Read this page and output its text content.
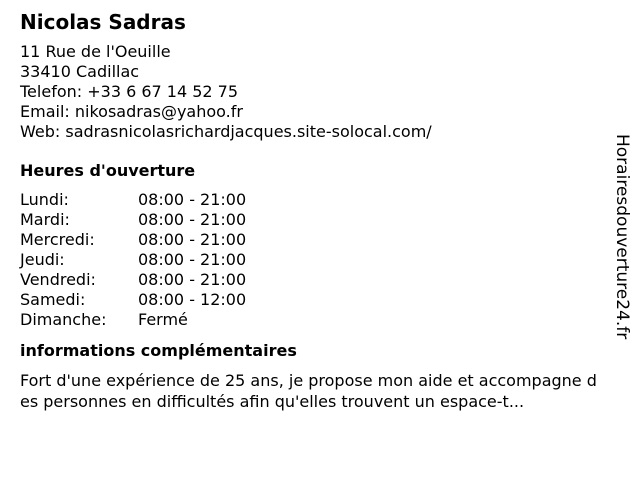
Nicolas Sadras
11 Rue de l'Oeuille
33410 Cadillac
Telefon: +33 6 67 14 52 75
Email: nikosadras@yahoo.fr
Web: sadrasnicolasrichardjacques.site-solocal.com/
Heures d'ouverture
Lundi:	08:00 - 21:00
Mardi:	08:00 - 21:00
Mercredi:	08:00 - 21:00
Jeudi:	08:00 - 21:00
Vendredi:	08:00 - 21:00
Samedi:	08:00 - 12:00
Dimanche:	Fermé
informations complémentaires
Fort d'une expérience de 25 ans, je propose mon aide et accompagne des personnes en difficultés afin qu'elles trouvent un espace-t...
Horairesdouverture24.fr
